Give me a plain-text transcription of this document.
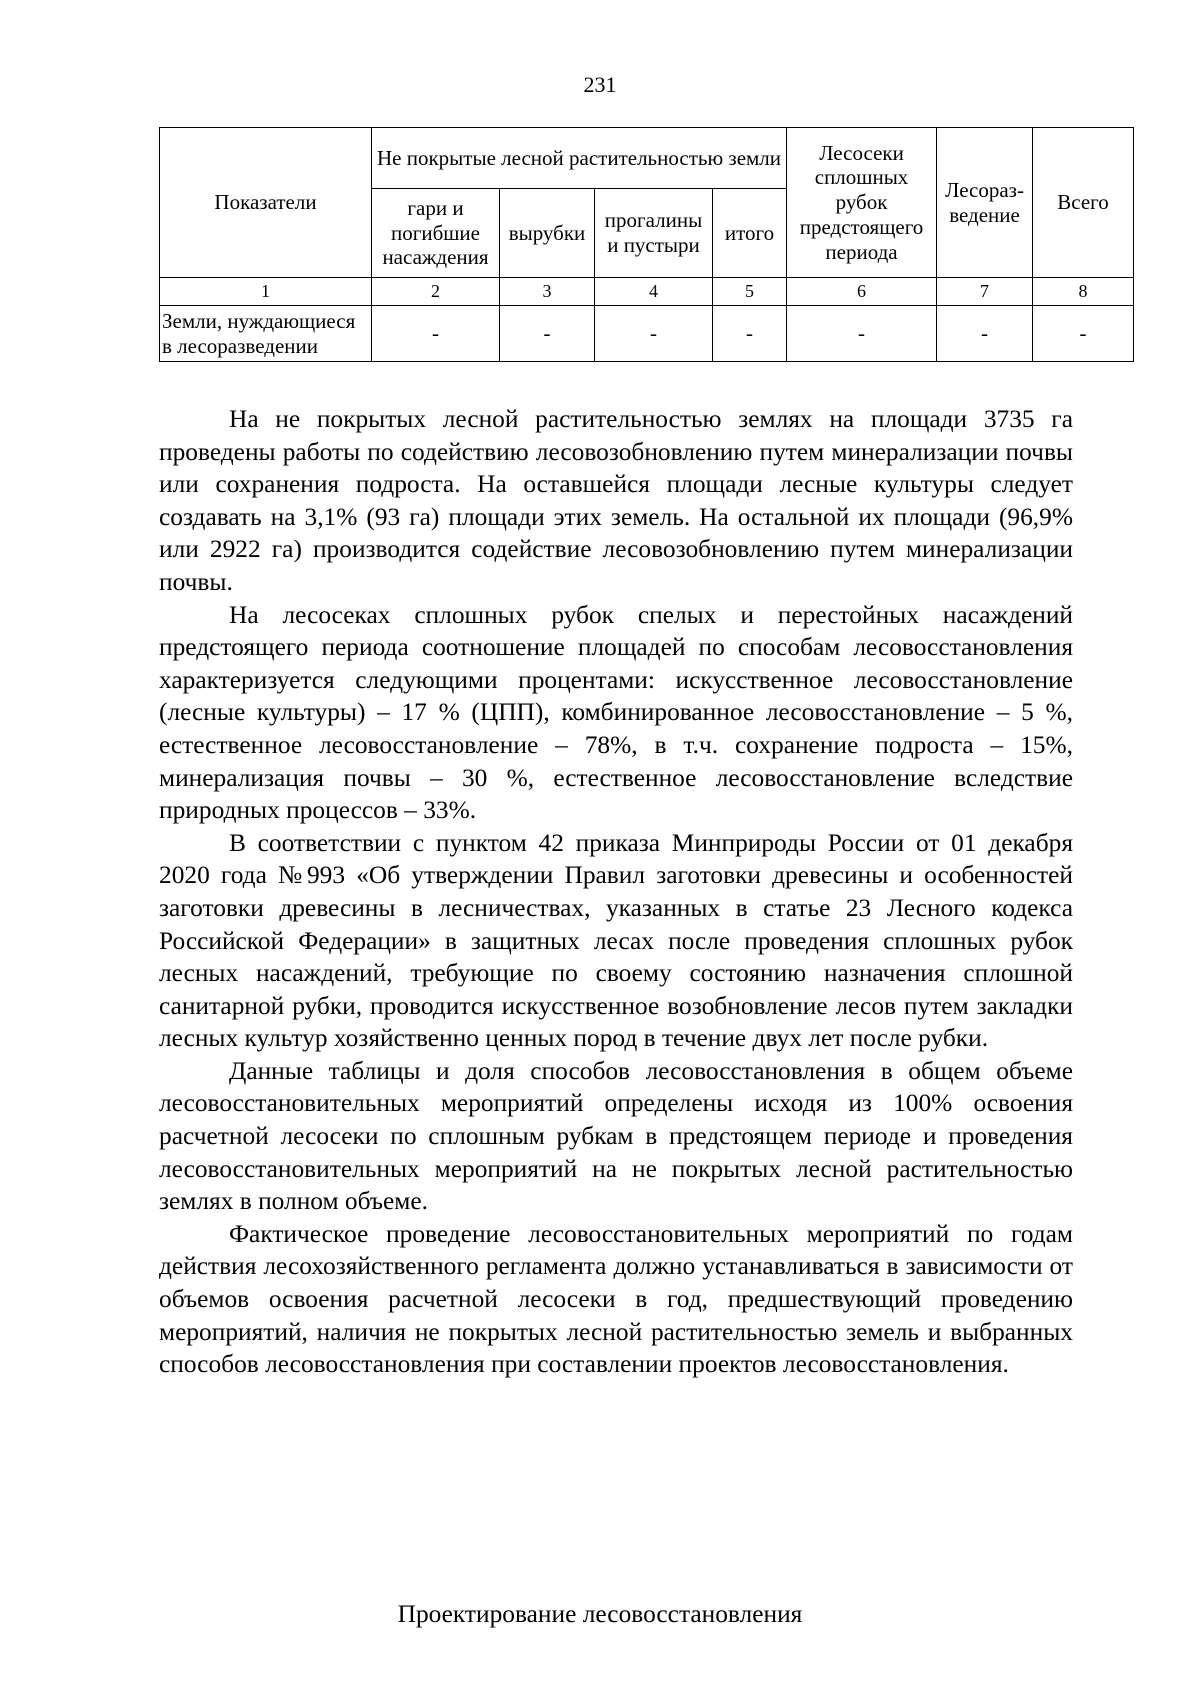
231
Показатели	Не покрытые лесной растительностью земли				Лесосеки сплошных рубок предстоящего периода	Лесораз-ведение	Всего
	гари и погибшие насаждения	вырубки	прогалины и пустыри	итого			
1	2	3	4	5	6	7	8
Земли, нуждающиеся в лесоразведении	-	-	-	-	-	-	-

На не покрытых лесной растительностью землях на площади 3735 га проведены работы по содействию лесовозобновлению путем минерализации почвы или сохранения подроста. На оставшейся площади лесные культуры следует создавать на 3,1% (93 га) площади этих земель. На остальной их площади (96,9% или 2922 га) производится содействие лесовозобновлению путем минерализации почвы.

На лесосеках сплошных рубок спелых и перестойных насаждений предстоящего периода соотношение площадей по способам лесовосстановления характеризуется следующими процентами: искусственное лесовосстановление (лесные культуры) – 17 % (ЦПП), комбинированное лесовосстановление – 5 %, естественное лесовосстановление – 78%, в т.ч. сохранение подроста – 15%, минерализация почвы – 30 %, естественное лесовосстановление вследствие природных процессов – 33%.

В соответствии с пунктом 42 приказа Минприроды России от 01 декабря 2020 года №993 «Об утверждении Правил заготовки древесины и особенностей заготовки древесины в лесничествах, указанных в статье 23 Лесного кодекса Российской Федерации» в защитных лесах после проведения сплошных рубок лесных насаждений, требующие по своему состоянию назначения сплошной санитарной рубки, проводится искусственное возобновление лесов путем закладки лесных культур хозяйственно ценных пород в течение двух лет после рубки.

Данные таблицы и доля способов лесовосстановления в общем объеме лесовосстановительных мероприятий определены исходя из 100% освоения расчетной лесосеки по сплошным рубкам в предстоящем периоде и проведения лесовосстановительных мероприятий на не покрытых лесной растительностью землях в полном объеме.

Фактическое проведение лесовосстановительных мероприятий по годам действия лесохозяйственного регламента должно устанавливаться в зависимости от объемов освоения расчетной лесосеки в год, предшествующий проведению мероприятий, наличия не покрытых лесной растительностью земель и выбранных способов лесовосстановления при составлении проектов лесовосстановления.

Проектирование лесовосстановления
